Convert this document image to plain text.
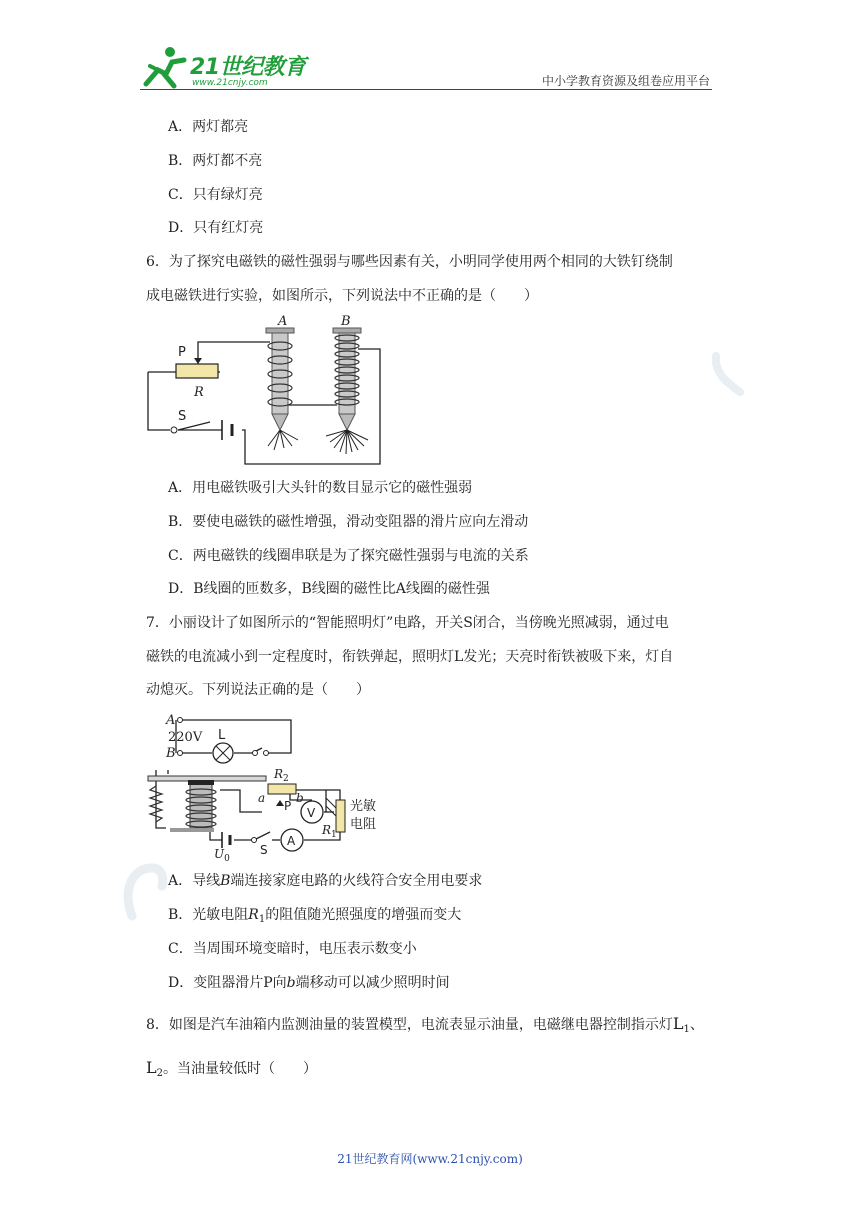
21世纪教育
www.21cnjy.com	中小学教育资源及组卷应用平台
A．两灯都亮
B．两灯都不亮
C．只有绿灯亮
D．只有红灯亮
6．为了探究电磁铁的磁性强弱与哪些因素有关，小明同学使用两个相同的大铁钉绕制
成电磁铁进行实验，如图所示，下列说法中不正确的是（　　）
A	B
P
R
S
A．用电磁铁吸引大头针的数目显示它的磁性强弱
B．要使电磁铁的磁性增强，滑动变阻器的滑片应向左滑动
C．两电磁铁的线圈串联是为了探究磁性强弱与电流的关系
D．B线圈的匝数多，B线圈的磁性比A线圈的磁性强
7．小丽设计了如图所示的“智能照明灯”电路，开关S闭合，当傍晚光照减弱，通过电
磁铁的电流减小到一定程度时，衔铁弹起，照明灯L发光；天亮时衔铁被吸下来，灯自
动熄灭。下列说法正确的是（　　）
A
B
220V L
$R_2$
a
P
b
V
$R_1$
光敏
电阻
$U_0$
S
A
A．导线B端连接家庭电路的火线符合安全用电要求
B．光敏电阻$R_1$的阻值随光照强度的增强而变大
C．当周围环境变暗时，电压表示数变小
D．变阻器滑片P向b端移动可以减少照明时间
8．如图是汽车油箱内监测油量的装置模型，电流表显示油量，电磁继电器控制指示灯$L_1$、
$L_2$。当油量较低时（　　）
21世纪教育网(www.21cnjy.com)
